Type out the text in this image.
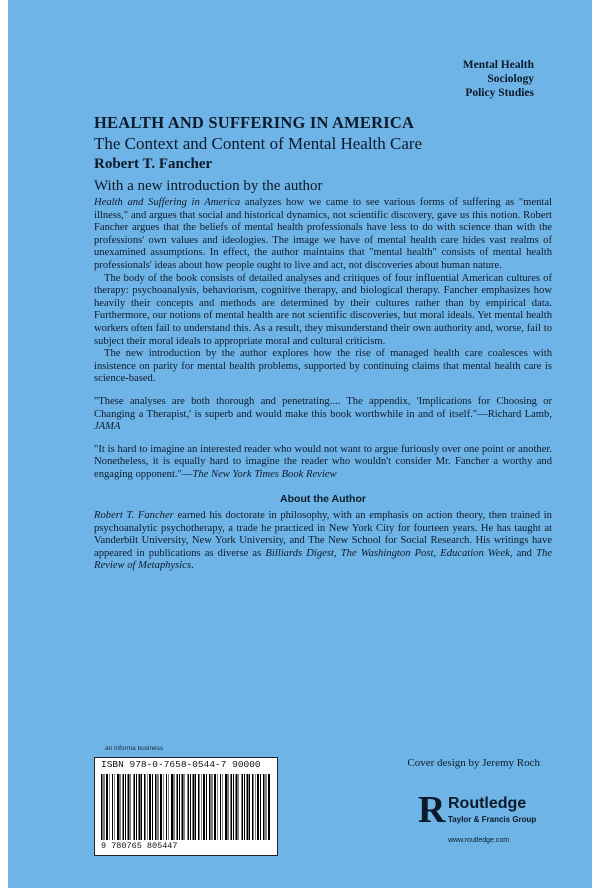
Mental Health
Sociology
Policy Studies
HEALTH AND SUFFERING IN AMERICA
The Context and Content of Mental Health Care
Robert T. Fancher
With a new introduction by the author

Health and Suffering in America analyzes how we came to see various forms of suffering as "mental illness," and argues that social and historical dynamics, not scientific discovery, gave us this notion. Robert Fancher argues that the beliefs of mental health professionals have less to do with science than with the professions' own values and ideologies. The image we have of mental health care hides vast realms of unexamined assumptions. In effect, the author maintains that "mental health" consists of mental health professionals' ideas about how people ought to live and act, not discoveries about human nature.

The body of the book consists of detailed analyses and critiques of four influential American cultures of therapy: psychoanalysis, behaviorism, cognitive therapy, and biological therapy. Fancher emphasizes how heavily their concepts and methods are determined by their cultures rather than by empirical data. Furthermore, our notions of mental health are not scientific discoveries, but moral ideals. Yet mental health workers often fail to understand this. As a result, they misunderstand their own authority and, worse, fail to subject their moral ideals to appropriate moral and cultural criticism.

The new introduction by the author explores how the rise of managed health care coalesces with insistence on parity for mental health problems, supported by continuing claims that mental health care is science-based.

"These analyses are both thorough and penetrating.... The appendix, 'Implications for Choosing or Changing a Therapist,' is superb and would make this book worthwhile in and of itself."—Richard Lamb, JAMA

"It is hard to imagine an interested reader who would not want to argue furiously over one point or another. Nonetheless, it is equally hard to imagine the reader who wouldn't consider Mr. Fancher a worthy and engaging opponent."—The New York Times Book Review

About the Author

Robert T. Fancher earned his doctorate in philosophy, with an emphasis on action theory, then trained in psychoanalytic psychotherapy, a trade he practiced in New York City for fourteen years. He has taught at Vanderbilt University, New York University, and The New School for Social Research. His writings have appeared in publications as diverse as Billiards Digest, The Washington Post, Education Week, and The Review of Metaphysics.

an informa business
ISBN 978-0-7658-0544-7 90000
9 780765 805447
Cover design by Jeremy Roch
R Routledge
Taylor & Francis Group
www.routledge.com
